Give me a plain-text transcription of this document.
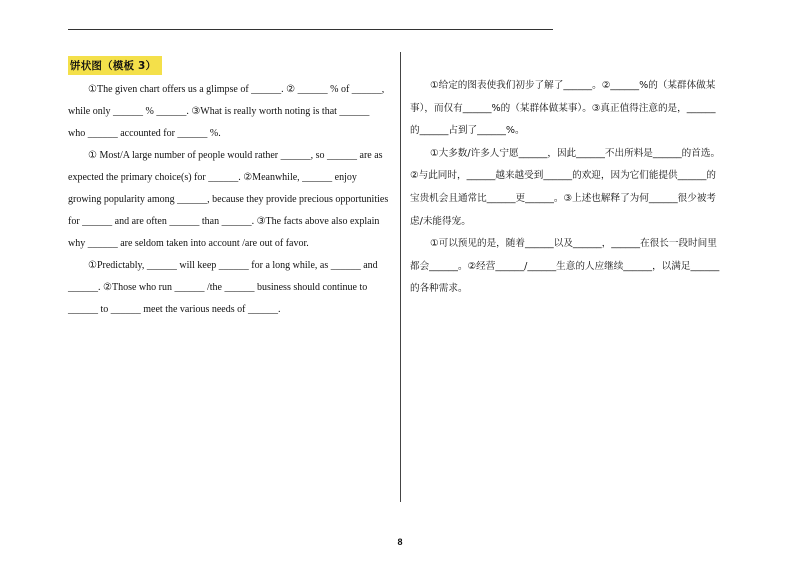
饼状图（模板 3）

①The given chart offers us a glimpse of ______. ② ______ % of ______,
while only ______ % ______. ③What is really worth noting is that ______
who ______ accounted for ______ %.

① Most/A large number of people would rather ______, so ______ are as
expected the primary choice(s) for ______. ②Meanwhile, ______ enjoy
growing popularity among ______, because they provide precious opportunities
for ______ and are often ______ than ______. ③The facts above also explain
why ______ are seldom taken into account /are out of favor.

①Predictably, ______ will keep ______ for a long while, as ______ and
______. ②Those who run ______ /the ______ business should continue to
______ to ______ meet the various needs of ______.

①给定的图表使我们初步了解了______。②______%的（某群体做某
事），而仅有______%的（某群体做某事）。③真正值得注意的是，______
的______占到了______%。

①大多数/许多人宁愿______，因此______不出所料是______的首选。
②与此同时，______越来越受到______的欢迎，因为它们能提供______的
宝贵机会且通常比______更______。③上述也解释了为何______很少被考
虑/未能得宠。

①可以预见的是，随着______以及______，______在很长一段时间里
都会______。②经营______/______生意的人应继续______，以满足______
的各种需求。

8
